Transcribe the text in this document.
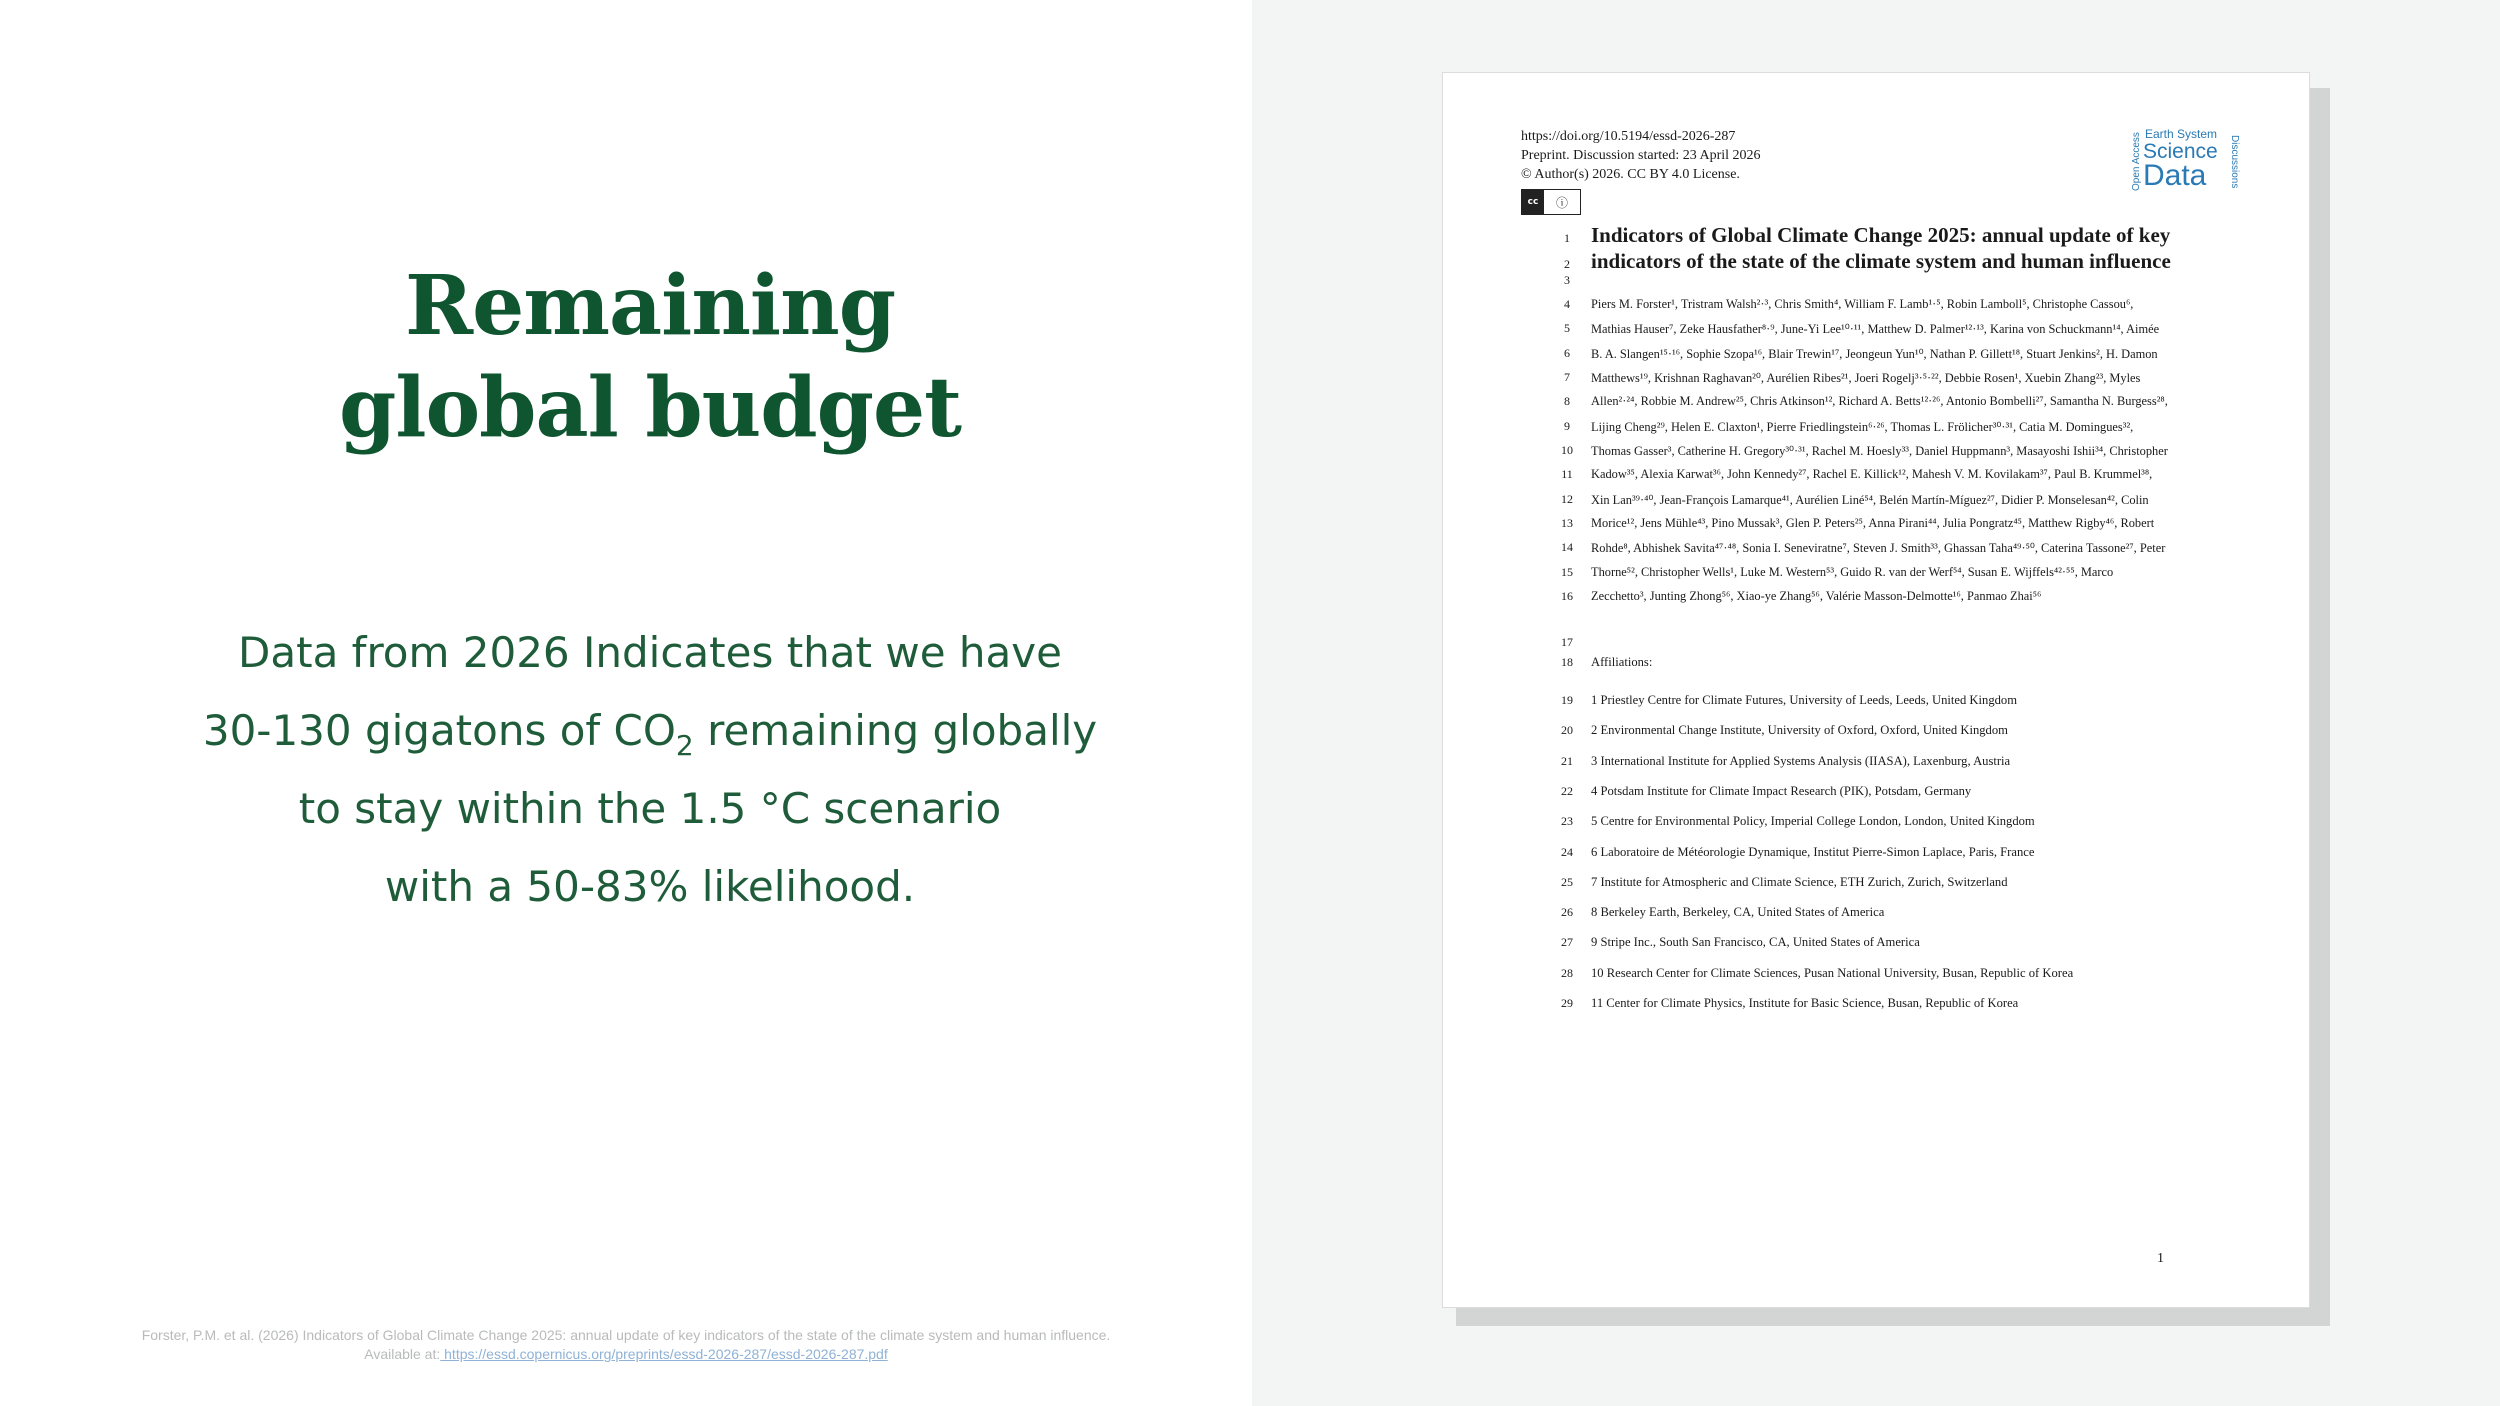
Remaining
global budget
Data from 2026 Indicates that we have
30-130 gigatons of $CO_2$ remaining globally
to stay within the 1.5 °C scenario
with a 50-83% likelihood.
Forster, P.M. et al. (2026) Indicators of Global Climate Change 2025: annual update of key indicators of the state of the climate system and human influence.
Available at: https://essd.copernicus.org/preprints/essd-2026-287/essd-2026-287.pdf
https://doi.org/10.5194/essd-2026-287
Preprint. Discussion started: 23 April 2026
© Author(s) 2026. CC BY 4.0 License.
cc	ⓘ
Open Access Earth System
Science
Data Discussions
1	Indicators of Global Climate Change 2025: annual update of key
2	indicators of the state of the climate system and human influence
3
4	Piers M. Forster¹, Tristram Walsh²·³, Chris Smith⁴, William F. Lamb¹·⁵, Robin Lamboll⁵, Christophe Cassou⁶,
5	Mathias Hauser⁷, Zeke Hausfather⁸·⁹, June-Yi Lee¹⁰·¹¹, Matthew D. Palmer¹²·¹³, Karina von Schuckmann¹⁴, Aimée
6	B. A. Slangen¹⁵·¹⁶, Sophie Szopa¹⁶, Blair Trewin¹⁷, Jeongeun Yun¹⁰, Nathan P. Gillett¹⁸, Stuart Jenkins², H. Damon
7	Matthews¹⁹, Krishnan Raghavan²⁰, Aurélien Ribes²¹, Joeri Rogelj³·⁵·²², Debbie Rosen¹, Xuebin Zhang²³, Myles
8	Allen²·²⁴, Robbie M. Andrew²⁵, Chris Atkinson¹², Richard A. Betts¹²·²⁶, Antonio Bombelli²⁷, Samantha N. Burgess²⁸,
9	Lijing Cheng²⁹, Helen E. Claxton¹, Pierre Friedlingstein⁶·²⁶, Thomas L. Frölicher³⁰·³¹, Catia M. Domingues³²,
10	Thomas Gasser³, Catherine H. Gregory³⁰·³¹, Rachel M. Hoesly³³, Daniel Huppmann³, Masayoshi Ishii³⁴, Christopher
11	Kadow³⁵, Alexia Karwat³⁶, John Kennedy²⁷, Rachel E. Killick¹², Mahesh V. M. Kovilakam³⁷, Paul B. Krummel³⁸,
12	Xin Lan³⁹·⁴⁰, Jean-François Lamarque⁴¹, Aurélien Liné⁵⁴, Belén Martín-Míguez²⁷, Didier P. Monselesan⁴², Colin
13	Morice¹², Jens Mühle⁴³, Pino Mussak³, Glen P. Peters²⁵, Anna Pirani⁴⁴, Julia Pongratz⁴⁵, Matthew Rigby⁴⁶, Robert
14	Rohde⁸, Abhishek Savita⁴⁷·⁴⁸, Sonia I. Seneviratne⁷, Steven J. Smith³³, Ghassan Taha⁴⁹·⁵⁰, Caterina Tassone²⁷, Peter
15	Thorne⁵², Christopher Wells¹, Luke M. Western⁵³, Guido R. van der Werf⁵⁴, Susan E. Wijffels⁴²·⁵⁵, Marco
16	Zecchetto³, Junting Zhong⁵⁶, Xiao-ye Zhang⁵⁶, Valérie Masson-Delmotte¹⁶, Panmao Zhai⁵⁶
17
18	Affiliations:
19	1 Priestley Centre for Climate Futures, University of Leeds, Leeds, United Kingdom
20	2 Environmental Change Institute, University of Oxford, Oxford, United Kingdom
21	3 International Institute for Applied Systems Analysis (IIASA), Laxenburg, Austria
22	4 Potsdam Institute for Climate Impact Research (PIK), Potsdam, Germany
23	5 Centre for Environmental Policy, Imperial College London, London, United Kingdom
24	6 Laboratoire de Météorologie Dynamique, Institut Pierre-Simon Laplace, Paris, France
25	7 Institute for Atmospheric and Climate Science, ETH Zurich, Zurich, Switzerland
26	8 Berkeley Earth, Berkeley, CA, United States of America
27	9 Stripe Inc., South San Francisco, CA, United States of America
28	10 Research Center for Climate Sciences, Pusan National University, Busan, Republic of Korea
29	11 Center for Climate Physics, Institute for Basic Science, Busan, Republic of Korea
1
